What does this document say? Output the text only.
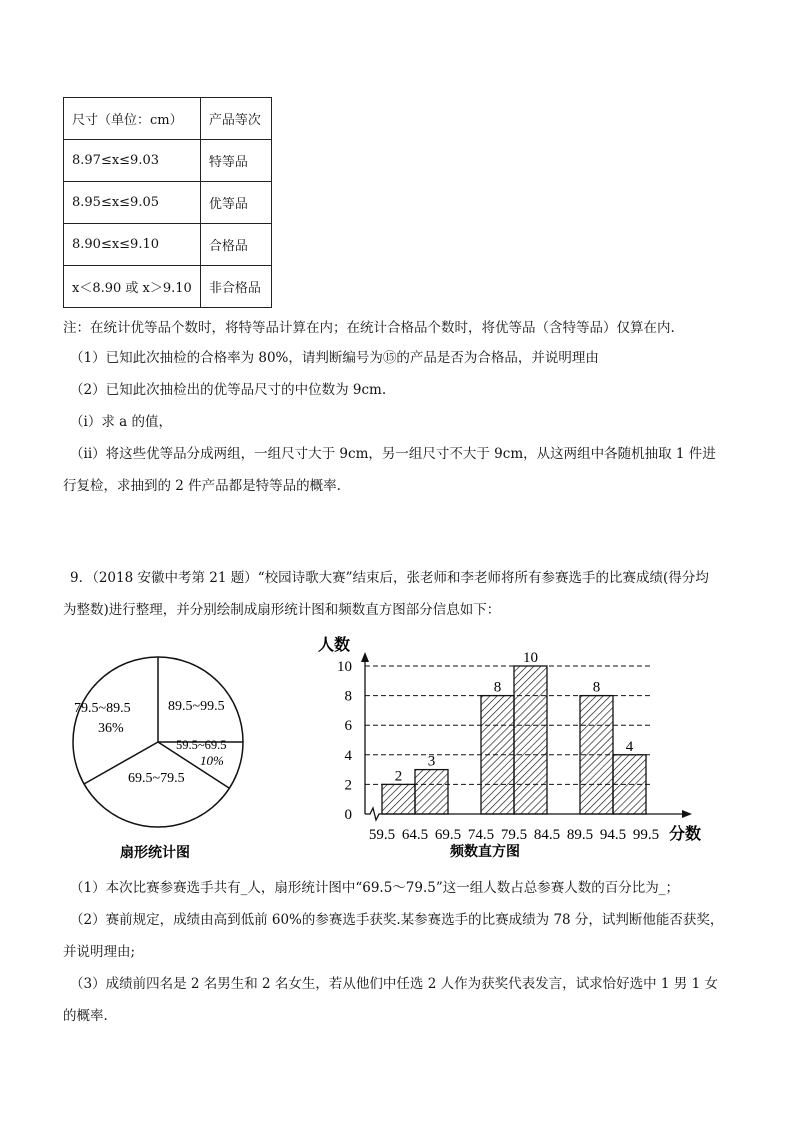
尺寸（单位：cm）	产品等次
8.97≤x≤9.03	特等品
8.95≤x≤9.05	优等品
8.90≤x≤9.10	合格品
x＜8.90 或 x＞9.10	非合格品
注：在统计优等品个数时，将特等品计算在内；在统计合格品个数时，将优等品（含特等品）仅算在内.
（1）已知此次抽检的合格率为 80%，请判断编号为⑮的产品是否为合格品，并说明理由
（2）已知此次抽检出的优等品尺寸的中位数为 9cm.
（i）求 a 的值，
（ii）将这些优等品分成两组，一组尺寸大于 9cm，另一组尺寸不大于 9cm，从这两组中各随机抽取 1 件进
行复检，求抽到的 2 件产品都是特等品的概率.
9．（2018 安徽中考第 21 题）“校园诗歌大赛”结束后，张老师和李老师将所有参赛选手的比赛成绩(得分均
为整数)进行整理，并分别绘制成扇形统计图和频数直方图部分信息如下：
79.5~89.5
36%
89.5~99.5
59.5~69.5
10%
69.5~79.5
扇形统计图
人数
分数
频数直方图
0
2
4
6
8
10
59.5 64.5 69.5 74.5 79.5 84.5 89.5 94.5 99.5
2
3
8
10
8
4
（1）本次比赛参赛选手共有_人，扇形统计图中“69.5～79.5”这一组人数占总参赛人数的百分比为_；
（2）赛前规定，成绩由高到低前 60%的参赛选手获奖.某参赛选手的比赛成绩为 78 分，试判断他能否获奖，
并说明理由;
（3）成绩前四名是 2 名男生和 2 名女生，若从他们中任选 2 人作为获奖代表发言，试求恰好选中 1 男 1 女
的概率.
